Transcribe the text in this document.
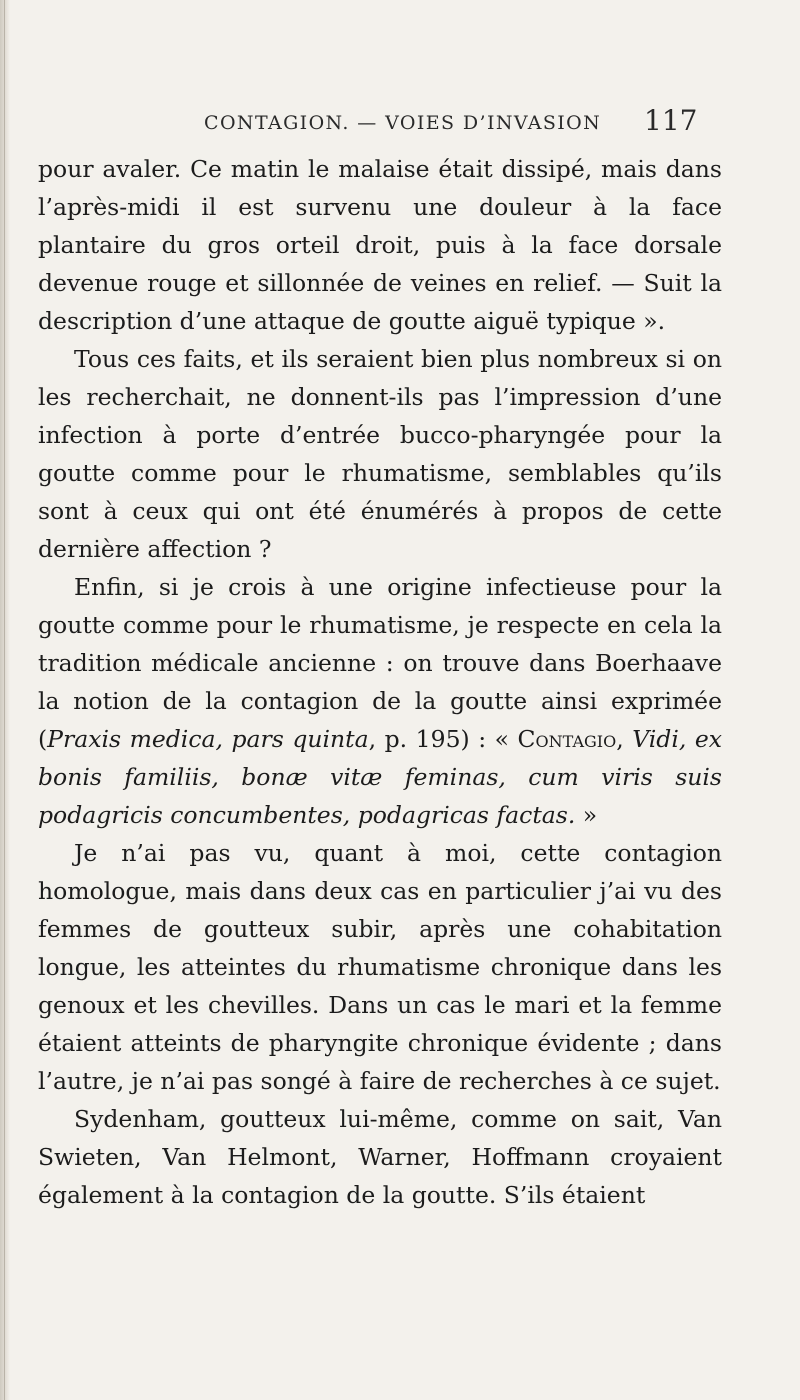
CONTAGION. — VOIES D’INVASION 117

pour avaler. Ce matin le malaise était dissipé, mais dans l’après-midi il est survenu une douleur à la face plantaire du gros orteil droit, puis à la face dorsale devenue rouge et sillonnée de veines en relief. — Suit la description d’une attaque de goutte aiguë typique ».

Tous ces faits, et ils seraient bien plus nombreux si on les recherchait, ne donnent-ils pas l’impression d’une infection à porte d’entrée bucco-pharyngée pour la goutte comme pour le rhumatisme, semblables qu’ils sont à ceux qui ont été énumérés à propos de cette dernière affection ?

Enfin, si je crois à une origine infectieuse pour la goutte comme pour le rhumatisme, je respecte en cela la tradition médicale ancienne : on trouve dans Boerhaave la notion de la contagion de la goutte ainsi exprimée (Praxis medica, pars quinta, p. 195) : « Contagio, Vidi, ex bonis familiis, bonæ vitæ feminas, cum viris suis podagricis concumbentes, podagricas factas. »

Je n’ai pas vu, quant à moi, cette contagion homologue, mais dans deux cas en particulier j’ai vu des femmes de goutteux subir, après une cohabitation longue, les atteintes du rhumatisme chronique dans les genoux et les chevilles. Dans un cas le mari et la femme étaient atteints de pharyngite chronique évidente ; dans l’autre, je n’ai pas songé à faire de recherches à ce sujet.

Sydenham, goutteux lui-même, comme on sait, Van Swieten, Van Helmont, Warner, Hoffmann croyaient également à la contagion de la goutte. S’ils étaient
